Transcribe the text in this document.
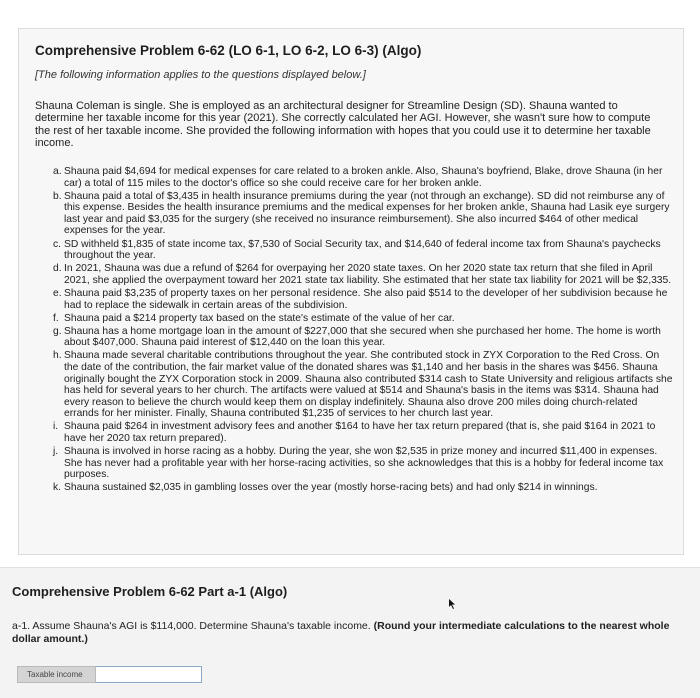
Comprehensive Problem 6-62 (LO 6-1, LO 6-2, LO 6-3) (Algo)
[The following information applies to the questions displayed below.]
Shauna Coleman is single. She is employed as an architectural designer for Streamline Design (SD). Shauna wanted to determine her taxable income for this year (2021). She correctly calculated her AGI. However, she wasn't sure how to compute the rest of her taxable income. She provided the following information with hopes that you could use it to determine her taxable income.
a. Shauna paid $4,694 for medical expenses for care related to a broken ankle. Also, Shauna's boyfriend, Blake, drove Shauna (in her car) a total of 115 miles to the doctor's office so she could receive care for her broken ankle.
b. Shauna paid a total of $3,435 in health insurance premiums during the year (not through an exchange). SD did not reimburse any of this expense. Besides the health insurance premiums and the medical expenses for her broken ankle, Shauna had Lasik eye surgery last year and paid $3,035 for the surgery (she received no insurance reimbursement). She also incurred $464 of other medical expenses for the year.
c. SD withheld $1,835 of state income tax, $7,530 of Social Security tax, and $14,640 of federal income tax from Shauna's paychecks throughout the year.
d. In 2021, Shauna was due a refund of $264 for overpaying her 2020 state taxes. On her 2020 state tax return that she filed in April 2021, she applied the overpayment toward her 2021 state tax liability. She estimated that her state tax liability for 2021 will be $2,335.
e. Shauna paid $3,235 of property taxes on her personal residence. She also paid $514 to the developer of her subdivision because he had to replace the sidewalk in certain areas of the subdivision.
f. Shauna paid a $214 property tax based on the state's estimate of the value of her car.
g. Shauna has a home mortgage loan in the amount of $227,000 that she secured when she purchased her home. The home is worth about $407,000. Shauna paid interest of $12,440 on the loan this year.
h. Shauna made several charitable contributions throughout the year. She contributed stock in ZYX Corporation to the Red Cross. On the date of the contribution, the fair market value of the donated shares was $1,140 and her basis in the shares was $456. Shauna originally bought the ZYX Corporation stock in 2009. Shauna also contributed $314 cash to State University and religious artifacts she has held for several years to her church. The artifacts were valued at $514 and Shauna's basis in the items was $314. Shauna had every reason to believe the church would keep them on display indefinitely. Shauna also drove 200 miles doing church-related errands for her minister. Finally, Shauna contributed $1,235 of services to her church last year.
i. Shauna paid $264 in investment advisory fees and another $164 to have her tax return prepared (that is, she paid $164 in 2021 to have her 2020 tax return prepared).
j. Shauna is involved in horse racing as a hobby. During the year, she won $2,535 in prize money and incurred $11,400 in expenses. She has never had a profitable year with her horse-racing activities, so she acknowledges that this is a hobby for federal income tax purposes.
k. Shauna sustained $2,035 in gambling losses over the year (mostly horse-racing bets) and had only $214 in winnings.
Comprehensive Problem 6-62 Part a-1 (Algo)
a-1. Assume Shauna's AGI is $114,000. Determine Shauna's taxable income. (Round your intermediate calculations to the nearest whole dollar amount.)
Taxable income
